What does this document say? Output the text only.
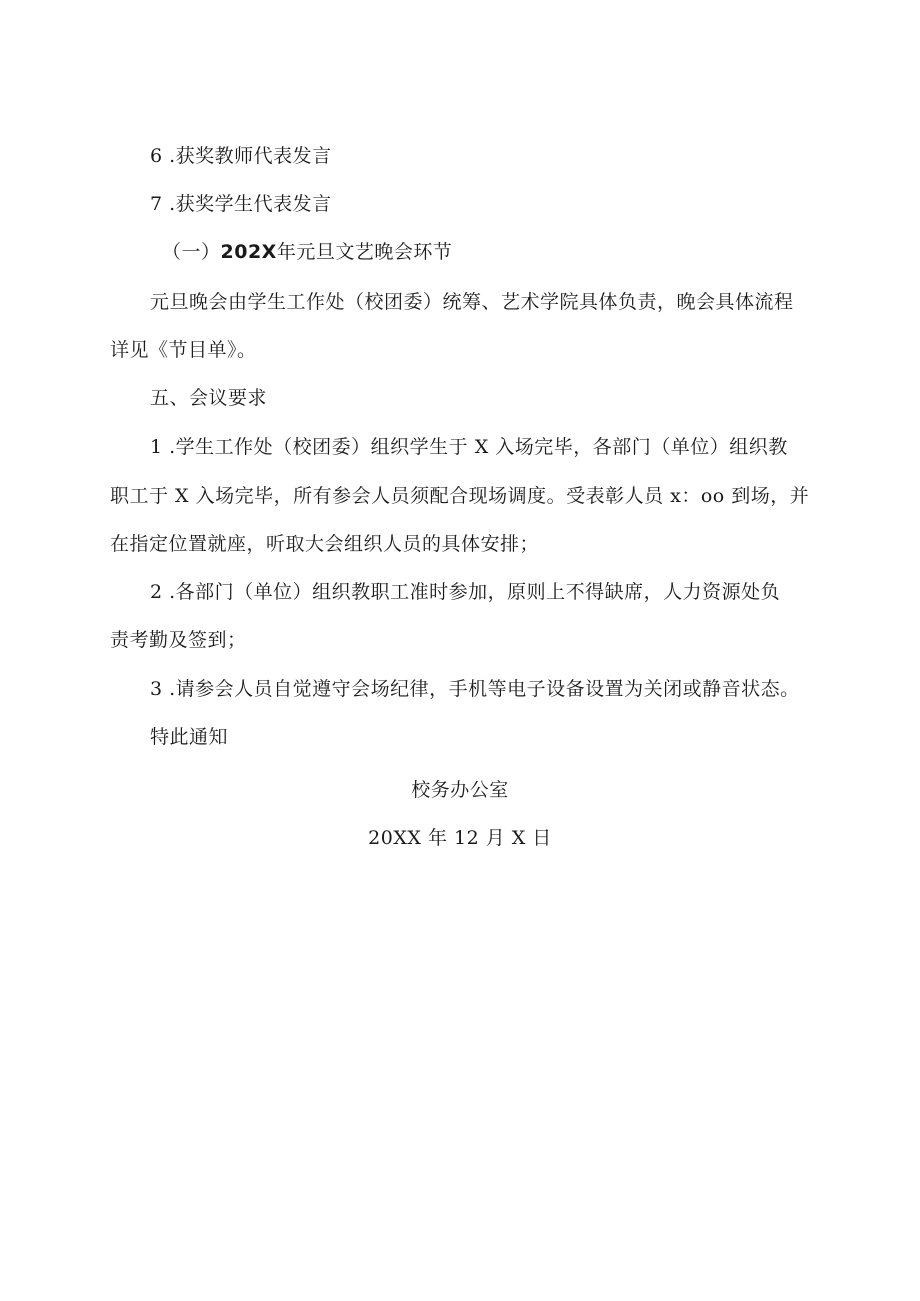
6 .获奖教师代表发言
7 .获奖学生代表发言
（一）202X年元旦文艺晚会环节
元旦晚会由学生工作处（校团委）统筹、艺术学院具体负责，晚会具体流程
详见《节目单》。
五、会议要求
1 .学生工作处（校团委）组织学生于 X 入场完毕，各部门（单位）组织教
职工于 X 入场完毕，所有参会人员须配合现场调度。受表彰人员 x：oo 到场，并
在指定位置就座，听取大会组织人员的具体安排；
2 .各部门（单位）组织教职工准时参加，原则上不得缺席，人力资源处负
责考勤及签到；
3 .请参会人员自觉遵守会场纪律，手机等电子设备设置为关闭或静音状态。
特此通知
校务办公室
20XX 年 12 月 X 日
